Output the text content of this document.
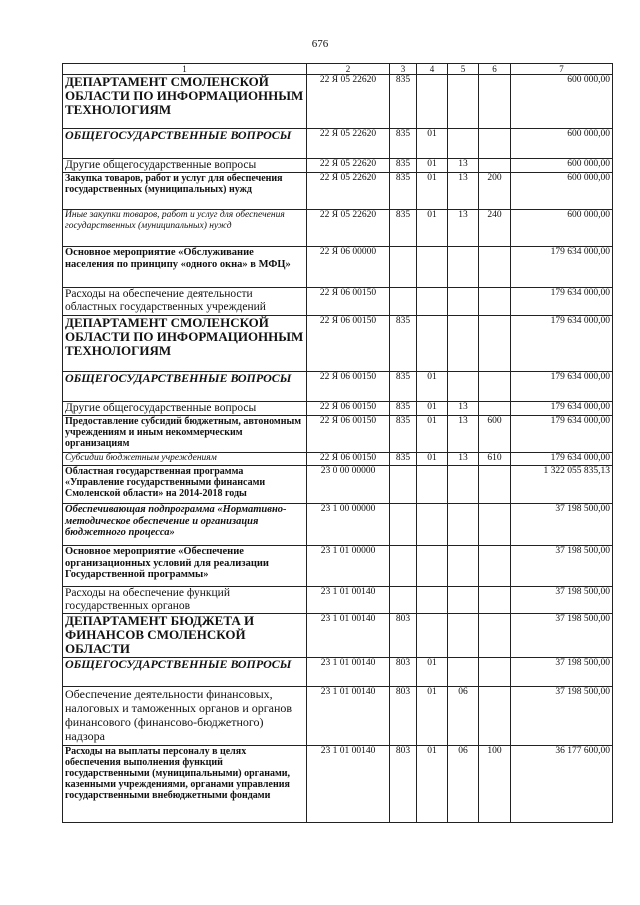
676
1	2	3	4	5	6	7
ДЕПАРТАМЕНТ СМОЛЕНСКОЙ ОБЛАСТИ ПО ИНФОРМАЦИОННЫМ ТЕХНОЛОГИЯМ	22 Я 05 22620	835				600 000,00
ОБЩЕГОСУДАРСТВЕННЫЕ ВОПРОСЫ	22 Я 05 22620	835	01			600 000,00
Другие общегосударственные вопросы	22 Я 05 22620	835	01	13		600 000,00
Закупка товаров, работ и услуг для обеспечения государственных (муниципальных) нужд	22 Я 05 22620	835	01	13	200	600 000,00
Иные закупки товаров, работ и услуг для обеспечения государственных (муниципальных) нужд	22 Я 05 22620	835	01	13	240	600 000,00
Основное мероприятие «Обслуживание населения по принципу «одного окна» в МФЦ»	22 Я 06 00000					179 634 000,00
Расходы на обеспечение деятельности областных государственных учреждений	22 Я 06 00150					179 634 000,00
ДЕПАРТАМЕНТ СМОЛЕНСКОЙ ОБЛАСТИ ПО ИНФОРМАЦИОННЫМ ТЕХНОЛОГИЯМ	22 Я 06 00150	835				179 634 000,00
ОБЩЕГОСУДАРСТВЕННЫЕ ВОПРОСЫ	22 Я 06 00150	835	01			179 634 000,00
Другие общегосударственные вопросы	22 Я 06 00150	835	01	13		179 634 000,00
Предоставление субсидий бюджетным, автономным учреждениям и иным некоммерческим организациям	22 Я 06 00150	835	01	13	600	179 634 000,00
Субсидии бюджетным учреждениям	22 Я 06 00150	835	01	13	610	179 634 000,00
Областная государственная программа «Управление государственными финансами Смоленской области» на 2014-2018 годы	23 0 00 00000					1 322 055 835,13
Обеспечивающая подпрограмма «Нормативно-методическое обеспечение и организация бюджетного процесса»	23 1 00 00000					37 198 500,00
Основное мероприятие «Обеспечение организационных условий для реализации Государственной программы»	23 1 01 00000					37 198 500,00
Расходы на обеспечение функций государственных органов	23 1 01 00140					37 198 500,00
ДЕПАРТАМЕНТ БЮДЖЕТА И ФИНАНСОВ СМОЛЕНСКОЙ ОБЛАСТИ	23 1 01 00140	803				37 198 500,00
ОБЩЕГОСУДАРСТВЕННЫЕ ВОПРОСЫ	23 1 01 00140	803	01			37 198 500,00
Обеспечение деятельности финансовых, налоговых и таможенных органов и органов финансового (финансово-бюджетного) надзора	23 1 01 00140	803	01	06		37 198 500,00
Расходы на выплаты персоналу в целях обеспечения выполнения функций государственными (муниципальными) органами, казенными учреждениями, органами управления государственными внебюджетными фондами	23 1 01 00140	803	01	06	100	36 177 600,00
